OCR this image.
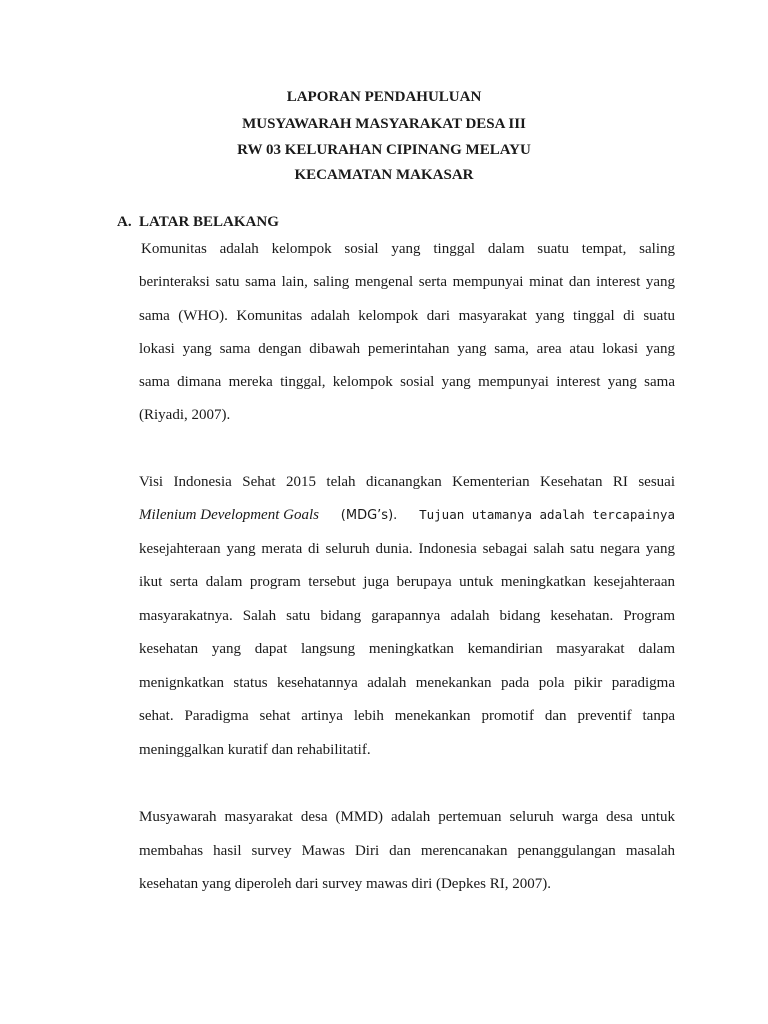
LAPORAN PENDAHULUAN
MUSYAWARAH MASYARAKAT DESA III
RW 03 KELURAHAN CIPINANG MELAYU
KECAMATAN MAKASAR
A. LATAR BELAKANG
Komunitas adalah kelompok sosial yang tinggal dalam suatu tempat, saling
berinteraksi satu sama lain, saling mengenal serta mempunyai minat dan interest yang
sama (WHO). Komunitas adalah kelompok dari masyarakat yang tinggal di suatu
lokasi yang sama dengan dibawah pemerintahan yang sama, area atau lokasi yang
sama dimana mereka tinggal, kelompok sosial yang mempunyai interest yang sama
(Riyadi, 2007).
Visi Indonesia Sehat 2015 telah dicanangkan Kementerian Kesehatan RI sesuai
Milenium Development Goals (MDG’s). Tujuan utamanya adalah tercapainya
kesejahteraan yang merata di seluruh dunia. Indonesia sebagai salah satu negara yang
ikut serta dalam program tersebut juga berupaya untuk meningkatkan kesejahteraan
masyarakatnya. Salah satu bidang garapannya adalah bidang kesehatan. Program
kesehatan yang dapat langsung meningkatkan kemandirian masyarakat dalam
menignkatkan status kesehatannya adalah menekankan pada pola pikir paradigma
sehat. Paradigma sehat artinya lebih menekankan promotif dan preventif tanpa
meninggalkan kuratif dan rehabilitatif.
Musyawarah masyarakat desa (MMD) adalah pertemuan seluruh warga desa untuk
membahas hasil survey Mawas Diri dan merencanakan penanggulangan masalah
kesehatan yang diperoleh dari survey mawas diri (Depkes RI, 2007).
